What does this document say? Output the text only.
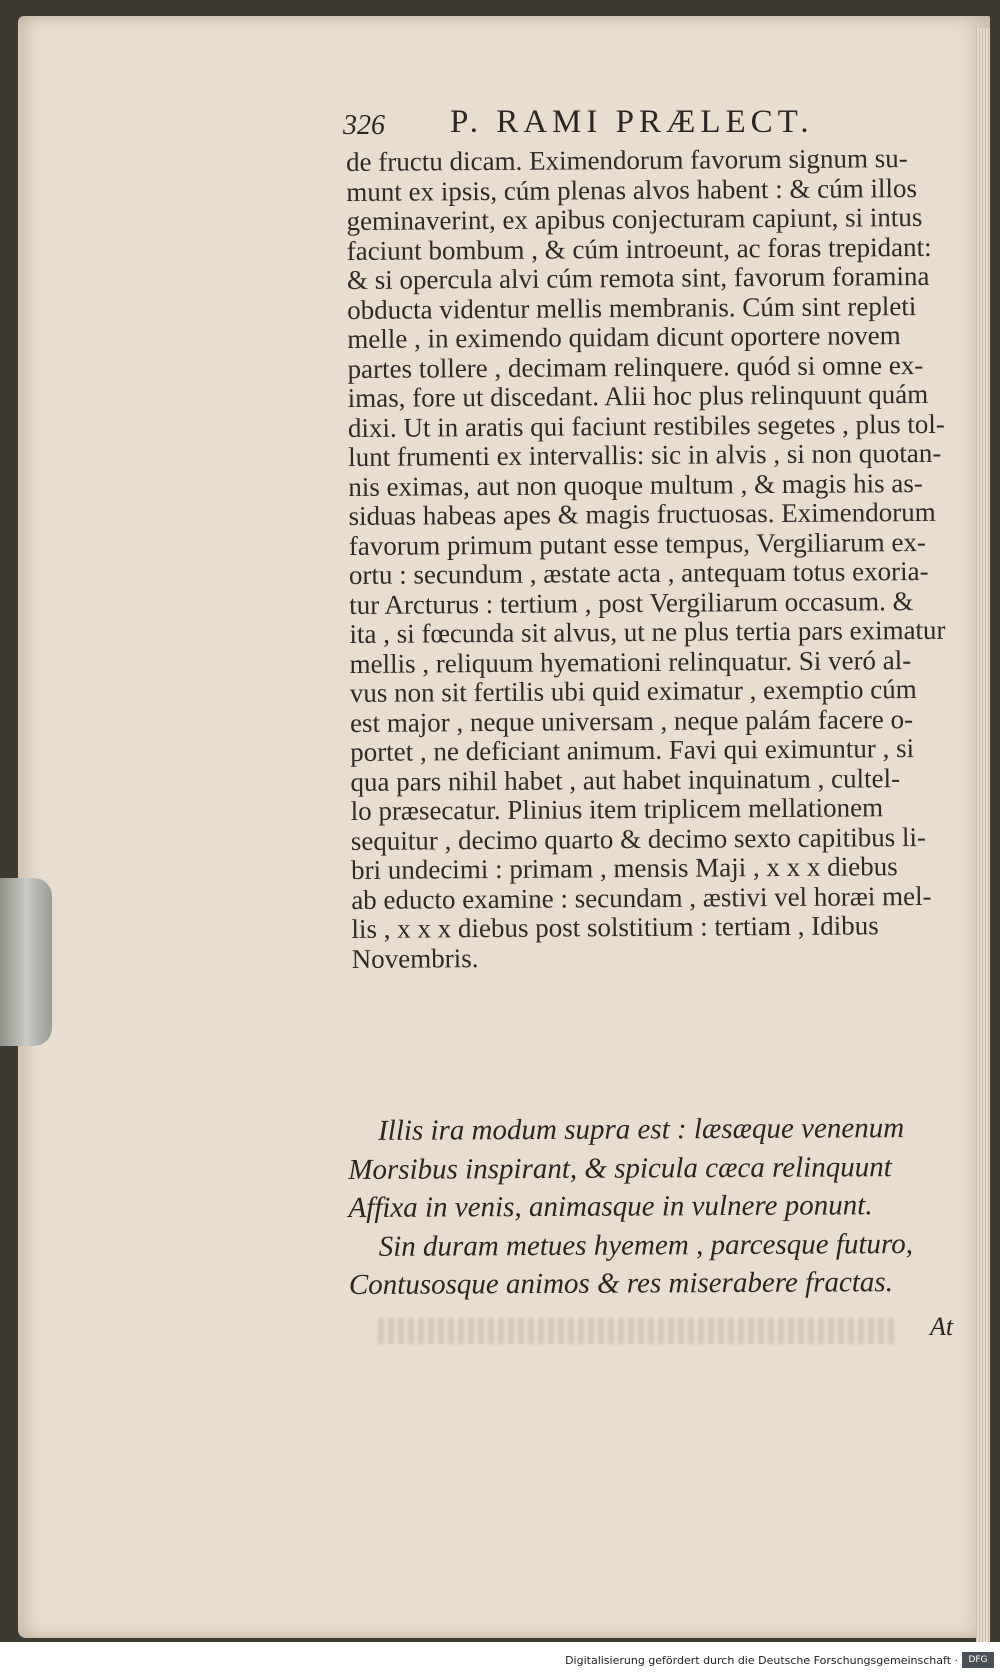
326 P. RAMI PRÆLECT.
de fructu dicam. Eximendorum favorum signum su-
munt ex ipsis, cúm plenas alvos habent : & cúm illos
geminaverint, ex apibus conjecturam capiunt, si intus
faciunt bombum , & cúm introeunt, ac foras trepidant:
& si opercula alvi cúm remota sint, favorum foramina
obducta videntur mellis membranis. Cúm sint repleti
melle , in eximendo quidam dicunt oportere novem
partes tollere , decimam relinquere. quód si omne ex-
imas, fore ut discedant. Alii hoc plus relinquunt quám
dixi. Ut in aratis qui faciunt restibiles segetes , plus tol-
lunt frumenti ex intervallis: sic in alvis , si non quotan-
nis eximas, aut non quoque multum , & magis his as-
siduas habeas apes & magis fructuosas. Eximendorum
favorum primum putant esse tempus, Vergiliarum ex-
ortu : secundum , æstate acta , antequam totus exoria-
tur Arcturus : tertium , post Vergiliarum occasum. &
ita , si fœcunda sit alvus, ut ne plus tertia pars eximatur
mellis , reliquum hyemationi relinquatur. Si veró al-
vus non sit fertilis ubi quid eximatur , exemptio cúm
est major , neque universam , neque palám facere o-
portet , ne deficiant animum. Favi qui eximuntur , si
qua pars nihil habet , aut habet inquinatum , cultel-
lo præsecatur. Plinius item triplicem mellationem
sequitur , decimo quarto & decimo sexto capitibus li-
bri undecimi : primam , mensis Maji , x x x diebus
ab educto examine : secundam , æstivi vel horæi mel-
lis , x x x diebus post solstitium : tertiam , Idibus
Novembris.
Illis ira modum supra est : læsæque venenum
Morsibus inspirant, & spicula cæca relinquunt
Affixa in venis, animasque in vulnere ponunt.
Sin duram metues hyemem , parcesque futuro,
Contusosque animos & res miserabere fractas.
At
Digitalisierung gefördert durch die Deutsche Forschungsgemeinschaft ·	DFG
